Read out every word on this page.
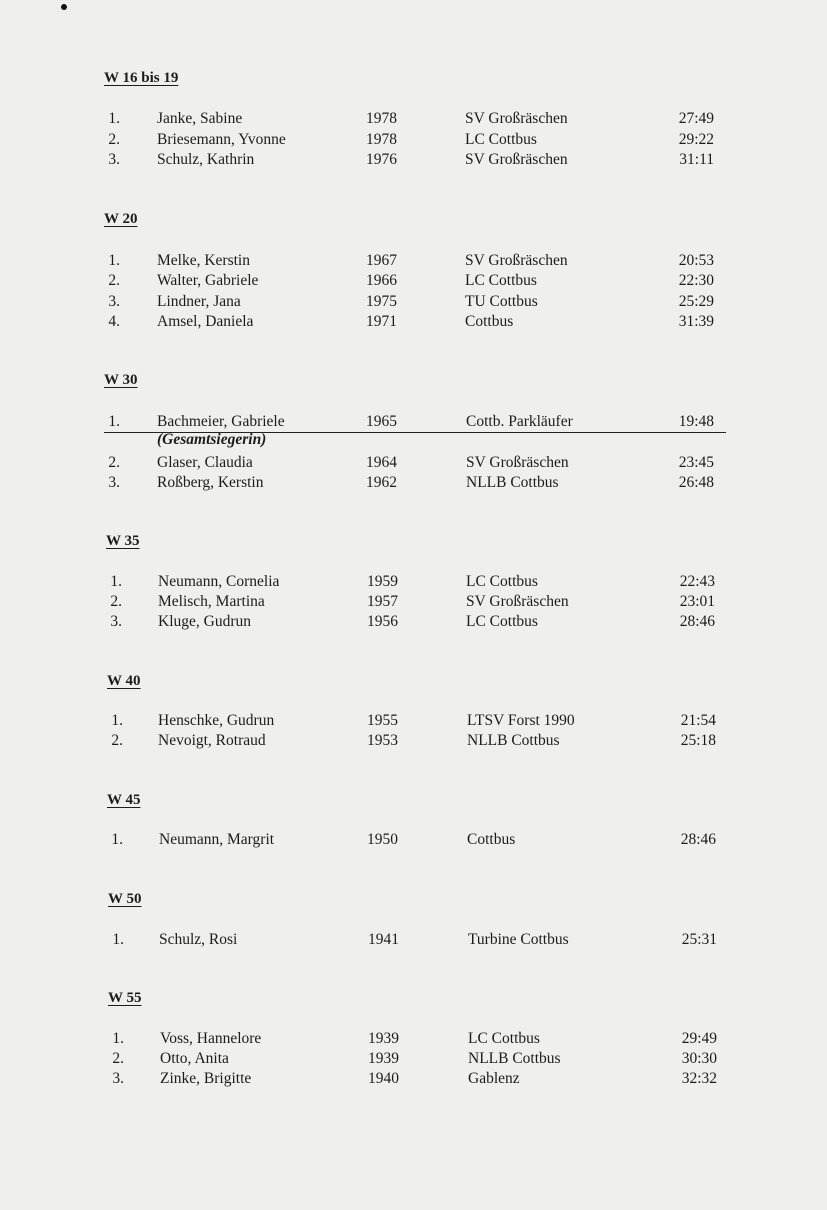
W 16 bis 19
1. Janke, Sabine	1978	SV Großräschen	27:49
2. Briesemann, Yvonne	1978	LC Cottbus	29:22
3. Schulz, Kathrin	1976	SV Großräschen	31:11
W 20
1. Melke, Kerstin	1967	SV Großräschen	20:53
2. Walter, Gabriele	1966	LC Cottbus	22:30
3. Lindner, Jana	1975	TU Cottbus	25:29
4. Amsel, Daniela	1971	Cottbus	31:39
W 30
1. Bachmeier, Gabriele	1965	Cottb. Parkläufer	19:48
(Gesamtsiegerin)
2. Glaser, Claudia	1964	SV Großräschen	23:45
3. Roßberg, Kerstin	1962	NLLB Cottbus	26:48
W 35
1. Neumann, Cornelia	1959	LC Cottbus	22:43
2. Melisch, Martina	1957	SV Großräschen	23:01
3. Kluge, Gudrun	1956	LC Cottbus	28:46
W 40
1. Henschke, Gudrun	1955	LTSV Forst 1990	21:54
2. Nevoigt, Rotraud	1953	NLLB Cottbus	25:18
W 45
1. Neumann, Margrit	1950	Cottbus	28:46
W 50
1. Schulz, Rosi	1941	Turbine Cottbus	25:31
W 55
1. Voss, Hannelore	1939	LC Cottbus	29:49
2. Otto, Anita	1939	NLLB Cottbus	30:30
3. Zinke, Brigitte	1940	Gablenz	32:32
